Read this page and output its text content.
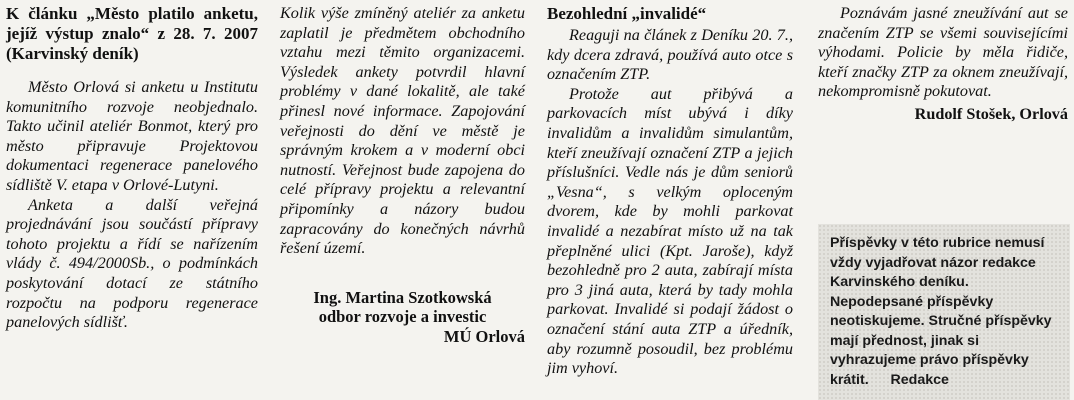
K článku „Město platilo anketu, jejíž výstup znalo“ z 28. 7. 2007 (Karvinský deník)

Město Orlová si anketu u Institutu komunitního rozvoje neobjednalo. Takto učinil ateliér Bonmot, který pro město připravuje Projektovou dokumentaci regenerace panelového sídliště V. etapa v Orlové-Lutyni.

Anketa a další veřejná projednávání jsou součástí přípravy tohoto projektu a řídí se nařízením vlády č. 494/2000Sb., o podmínkách poskytování dotací ze státního rozpočtu na podporu regenerace panelových sídlišť.

Kolik výše zmíněný ateliér za anketu zaplatil je předmětem obchodního vztahu mezi těmito organizacemi. Výsledek ankety potvrdil hlavní problémy v dané lokalitě, ale také přinesl nové informace. Zapojování veřejnosti do dění ve městě je správným krokem a v moderní obci nutností. Veřejnost bude zapojena do celé přípravy projektu a relevantní připomínky a názory budou zapracovány do konečných návrhů řešení území.

Ing. Martina Szotkowská

odbor rozvoje a investic

MÚ Orlová

Bezohlední „invalidé“

Reaguji na článek z Deníku 20. 7., kdy dcera zdravá, používá auto otce s označením ZTP.

Protože aut přibývá a parkovacích míst ubývá i díky invalidům a invalidům simulantům, kteří zneužívají označení ZTP a jejich příslušníci. Vedle nás je dům seniorů „Vesna“, s velkým oploceným dvorem, kde by mohli parkovat invalidé a nezabírat místo už na tak přeplněné ulici (Kpt. Jaroše), když bezohledně pro 2 auta, zabírají místa pro 3 jiná auta, která by tady mohla parkovat. Invalidé si podají žádost o označení stání auta ZTP a úředník, aby rozumně posoudil, bez problému jim vyhoví.

Poznávám jasné zneužívání aut se značením ZTP se všemi souvisejícími výhodami. Policie by měla řidiče, kteří značky ZTP za oknem zneužívají, nekompromisně pokutovat.

Rudolf Stošek, Orlová

Příspěvky v této rubrice nemusí vždy vyjadřovat názor redakce Karvinského deníku. Nepodepsané příspěvky neotiskujeme. Stručné příspěvky mají přednost, jinak si vyhrazujeme právo příspěvky krátit. Redakce
